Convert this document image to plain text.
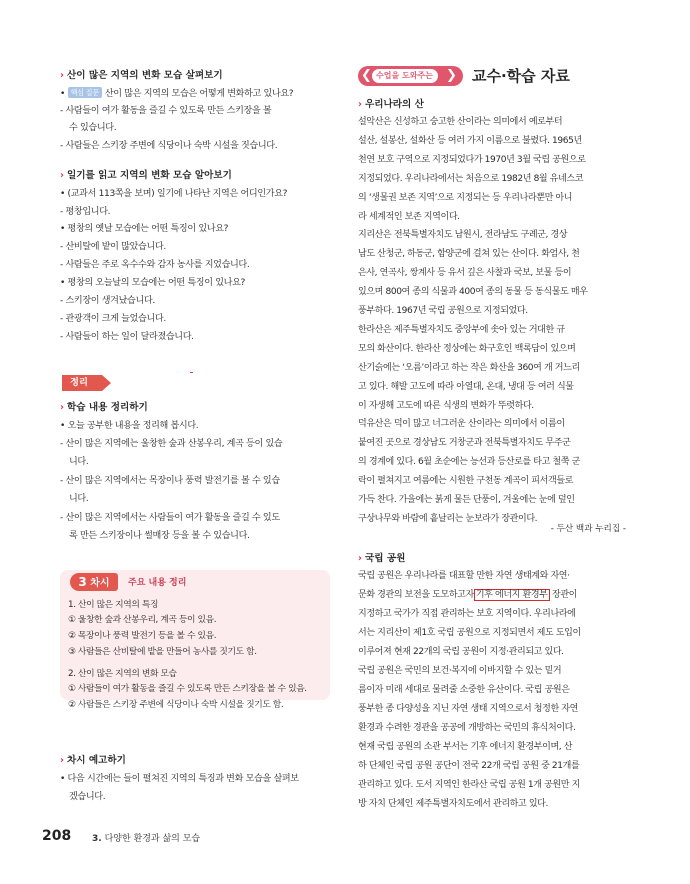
› 산이 많은 지역의 변화 모습 살펴보기
• 핵심 질문 산이 많은 지역의 모습은 어떻게 변화하고 있나요?
- 사람들이 여가 활동을 즐길 수 있도록 만든 스키장을 볼
수 있습니다.
- 사람들은 스키장 주변에 식당이나 숙박 시설을 짓습니다.
› 일기를 읽고 지역의 변화 모습 알아보기
• (교과서 113쪽을 보며) 일기에 나타난 지역은 어디인가요?
- 평창입니다.
• 평창의 옛날 모습에는 어떤 특징이 있나요?
- 산비탈에 밭이 많았습니다.
- 사람들은 주로 옥수수와 감자 농사를 지었습니다.
• 평창의 오늘날의 모습에는 어떤 특징이 있나요?
- 스키장이 생겨났습니다.
- 관광객이 크게 늘었습니다.
- 사람들이 하는 일이 달라졌습니다.
정리
› 학습 내용 정리하기
• 오늘 공부한 내용을 정리해 봅시다.
- 산이 많은 지역에는 울창한 숲과 산봉우리, 계곡 등이 있습
니다.
- 산이 많은 지역에서는 목장이나 풍력 발전기를 볼 수 있습
니다.
- 산이 많은 지역에서는 사람들이 여가 활동을 즐길 수 있도
록 만든 스키장이나 썰매장 등을 볼 수 있습니다.
3 차시	주요 내용 정리
1. 산이 많은 지역의 특징
① 울창한 숲과 산봉우리, 계곡 등이 있음.
② 목장이나 풍력 발전기 등을 볼 수 있음.
③ 사람들은 산비탈에 밭을 만들어 농사를 짓기도 함.
2. 산이 많은 지역의 변화 모습
① 사람들이 여가 활동을 즐길 수 있도록 만든 스키장을 볼 수 있음.
② 사람들은 스키장 주변에 식당이나 숙박 시설을 짓기도 함.
› 차시 예고하기
• 다음 시간에는 들이 펼쳐진 지역의 특징과 변화 모습을 살펴보
겠습니다.
❮ 수업을 도와주는 ❯ 교수·학습 자료
› 우리나라의 산
설악산은 신성하고 숭고한 산이라는 의미에서 예로부터
설산, 설봉산, 설화산 등 여러 가지 이름으로 불렸다. 1965년
천연 보호 구역으로 지정되었다가 1970년 3월 국립 공원으로
지정되었다. 우리나라에서는 처음으로 1982년 8월 유네스코
의 ‘생물권 보존 지역’으로 지정되는 등 우리나라뿐만 아니
라 세계적인 보존 지역이다.
지리산은 전북특별자치도 남원시, 전라남도 구례군, 경상
남도 산청군, 하동군, 함양군에 걸쳐 있는 산이다. 화엄사, 천
은사, 연곡사, 쌍계사 등 유서 깊은 사찰과 국보, 보물 등이
있으며 800여 종의 식물과 400여 종의 동물 등 동식물도 매우
풍부하다. 1967년 국립 공원으로 지정되었다.
한라산은 제주특별자치도 중앙부에 솟아 있는 거대한 규
모의 화산이다. 한라산 정상에는 화구호인 백록담이 있으며
산기슭에는 ‘오름’이라고 하는 작은 화산을 360여 개 거느리
고 있다. 해발 고도에 따라 아열대, 온대, 냉대 등 여러 식물
이 자생해 고도에 따른 식생의 변화가 뚜렷하다.
덕유산은 덕이 많고 너그러운 산이라는 의미에서 이름이
붙여진 곳으로 경상남도 거창군과 전북특별자치도 무주군
의 경계에 있다. 6월 초순에는 능선과 등산로를 타고 철쭉 군
락이 펼쳐지고 여름에는 시원한 구천동 계곡이 피서객들로
가득 찬다. 가을에는 붉게 물든 단풍이, 겨울에는 눈에 덮인
구상나무와 바람에 흩날리는 눈보라가 장관이다.
- 두산 백과 누리집 -
› 국립 공원
국립 공원은 우리나라를 대표할 만한 자연 생태계와 자연·
문화 경관의 보전을 도모하고자 기후 에너지 환경부 장관이
지정하고 국가가 직접 관리하는 보호 지역이다. 우리나라에
서는 지리산이 제1호 국립 공원으로 지정되면서 제도 도입이
이루어져 현재 22개의 국립 공원이 지정·관리되고 있다.
국립 공원은 국민의 보건·복지에 이바지할 수 있는 밑거
름이자 미래 세대로 물려줄 소중한 유산이다. 국립 공원은
풍부한 종 다양성을 지닌 자연 생태 지역으로서 청정한 자연
환경과 수려한 경관을 공공에 개방하는 국민의 휴식처이다.
현재 국립 공원의 소관 부서는 기후 에너지 환경부이며, 산
하 단체인 국립 공원 공단이 전국 22개 국립 공원 중 21개를
관리하고 있다. 도서 지역인 한라산 국립 공원 1개 공원만 지
방 자치 단체인 제주특별자치도에서 관리하고 있다.
208 3. 다양한 환경과 삶의 모습
